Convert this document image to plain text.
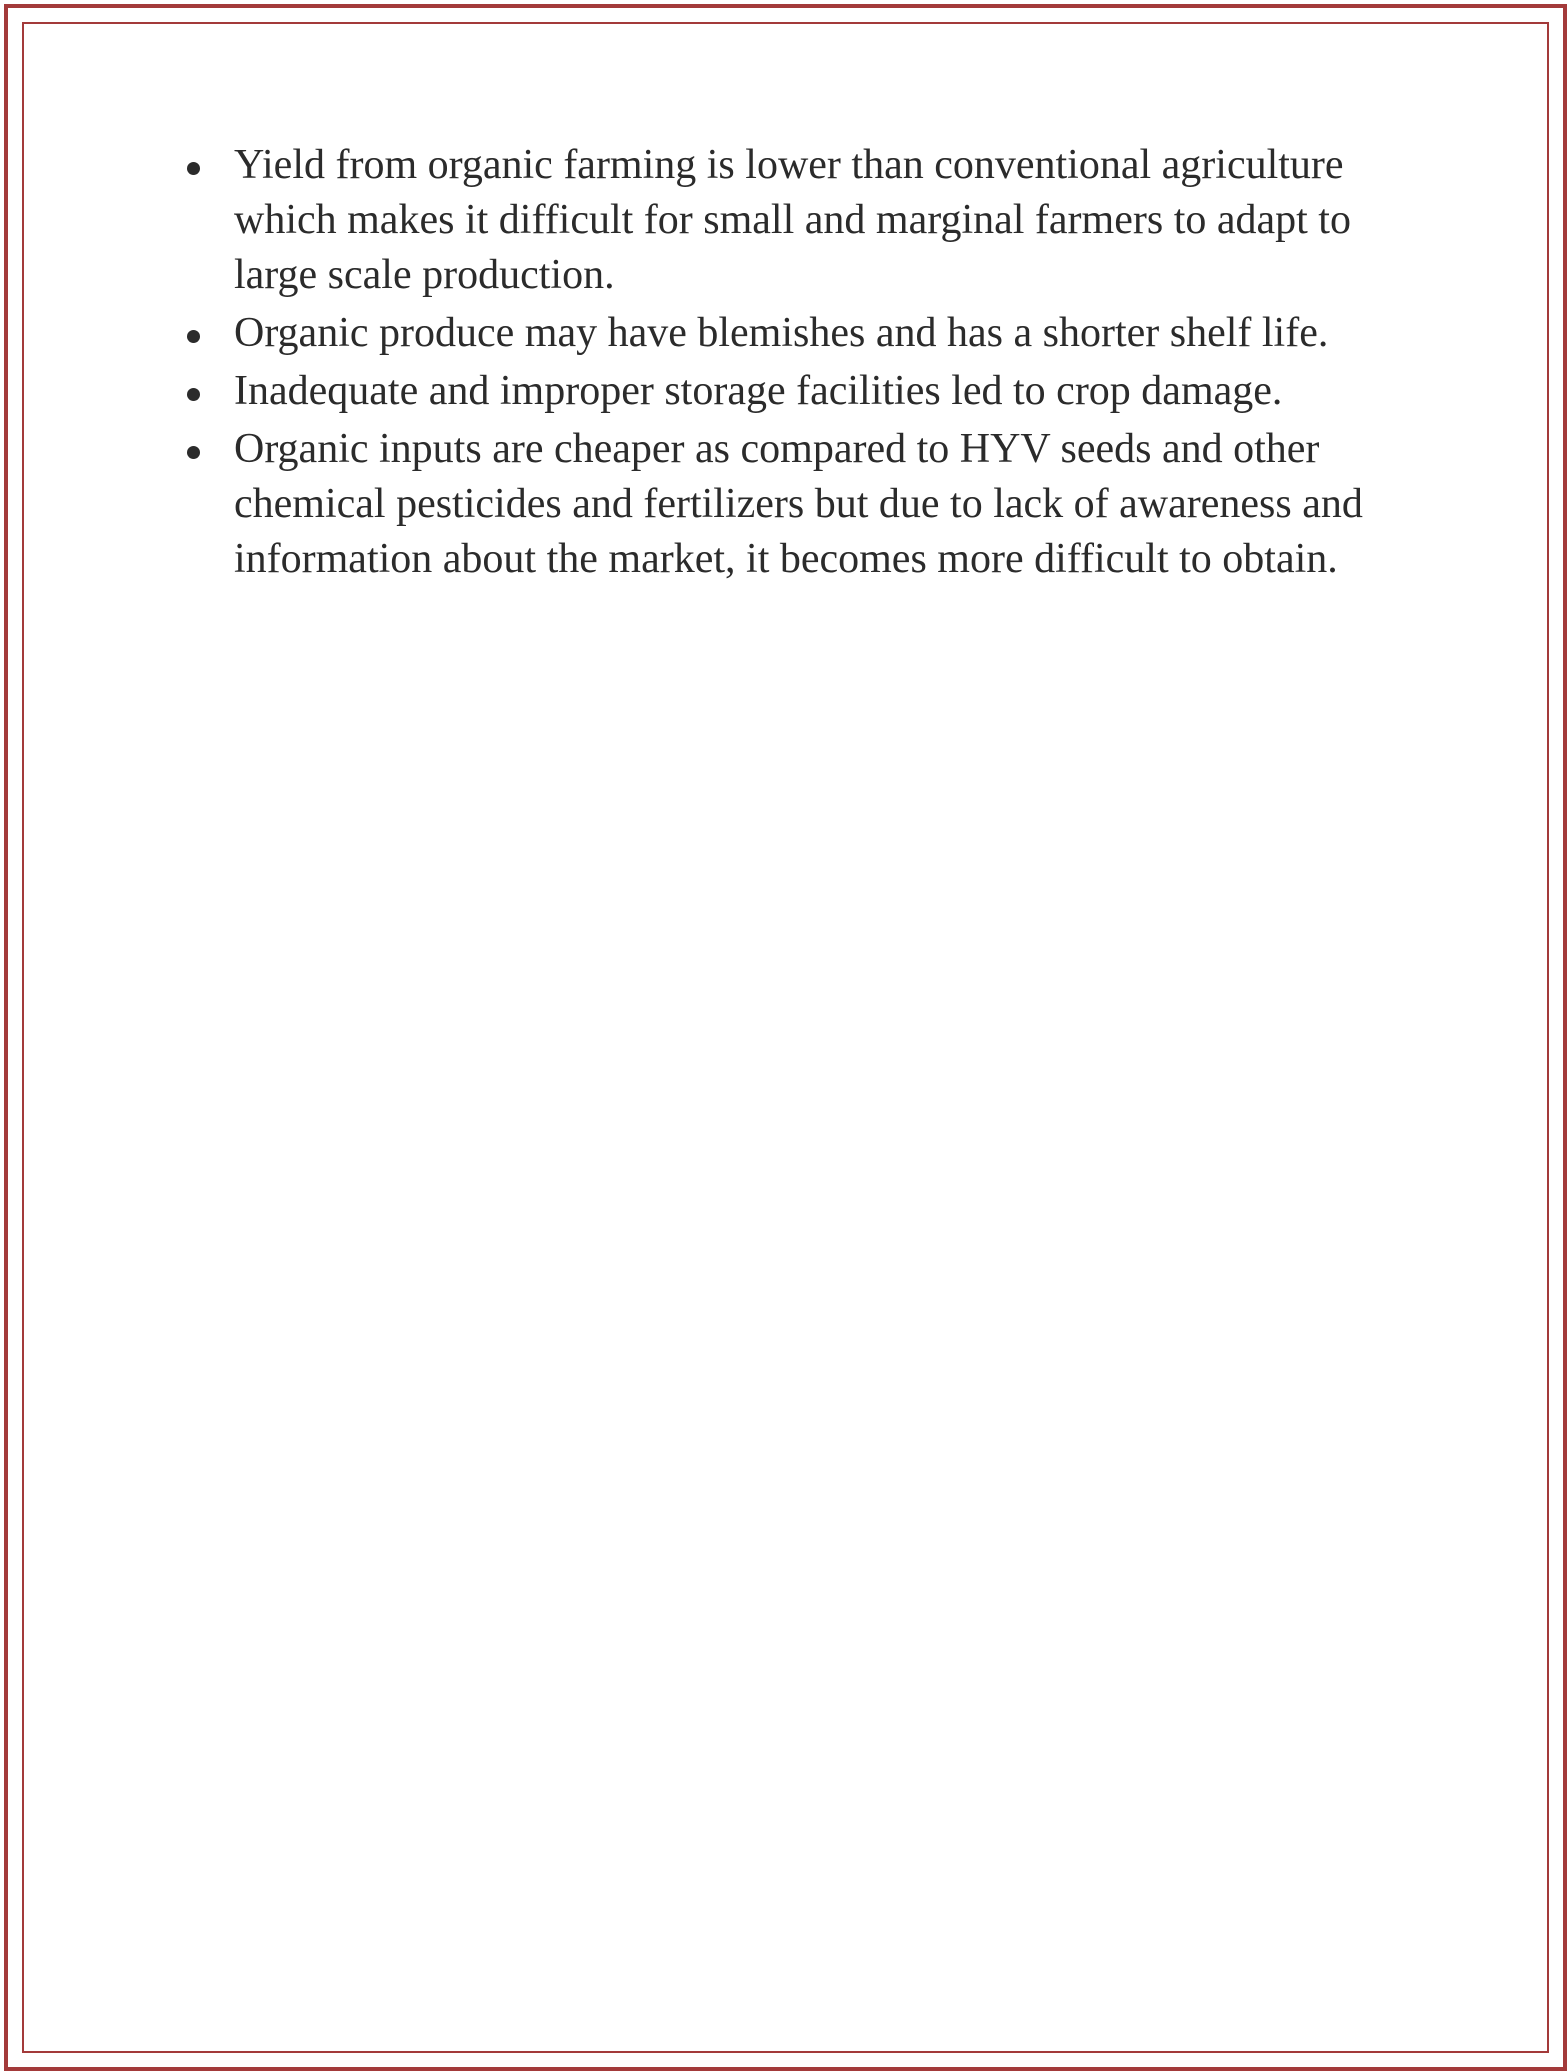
Yield from organic farming is lower than conventional agriculture which makes it difficult for small and marginal farmers to adapt to large scale production.
Organic produce may have blemishes and has a shorter shelf life.
Inadequate and improper storage facilities led to crop damage.
Organic inputs are cheaper as compared to HYV seeds and other chemical pesticides and fertilizers but due to lack of awareness and information about the market, it becomes more difficult to obtain.
